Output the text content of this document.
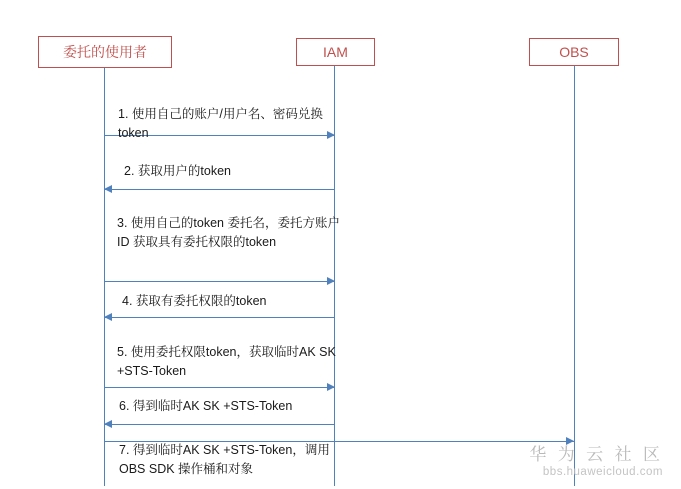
委托的使用者	IAM	OBS
1. 使用自己的账户/用户名、密码兑换 token
2. 获取用户的token
3. 使用自己的token 委托名，委托方账户ID 获取具有委托权限的token
4. 获取有委托权限的token
5. 使用委托权限token，获取临时AK SK +STS-Token
6. 得到临时AK SK +STS-Token
7. 得到临时AK SK +STS-Token，调用OBS SDK 操作桶和对象
华 为 云 社 区
bbs.huaweicloud.com
